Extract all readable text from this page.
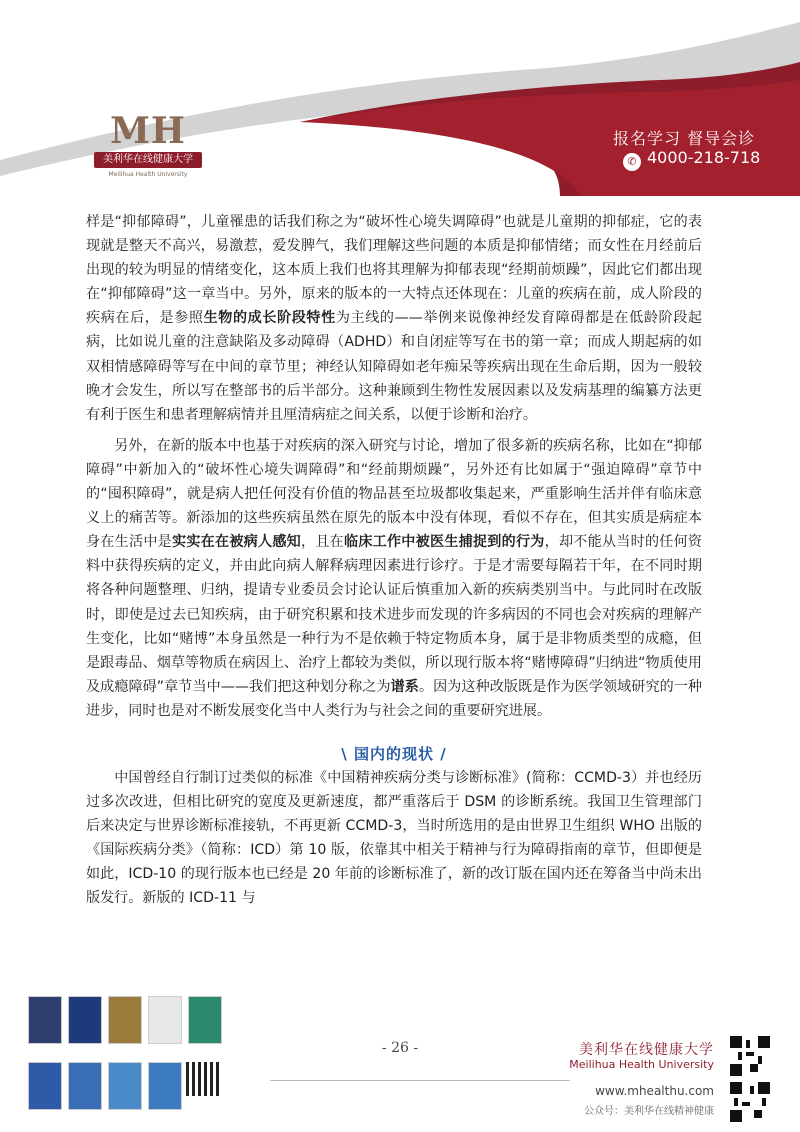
MH
美利华在线健康大学
Meilihua Health University
报名学习 督导会诊
✆ 4000-218-718

样是“抑郁障碍”，儿童罹患的话我们称之为“破坏性心境失调障碍”也就是儿童期的抑郁症，它的表现就是整天不高兴，易激惹，爱发脾气，我们理解这些问题的本质是抑郁情绪；而女性在月经前后出现的较为明显的情绪变化，这本质上我们也将其理解为抑郁表现“经期前烦躁”，因此它们都出现在“抑郁障碍”这一章当中。另外，原来的版本的一大特点还体现在：儿童的疾病在前，成人阶段的疾病在后，是参照生物的成长阶段特性为主线的——举例来说像神经发育障碍都是在低龄阶段起病，比如说儿童的注意缺陷及多动障碍（ADHD）和自闭症等写在书的第一章；而成人期起病的如双相情感障碍等写在中间的章节里；神经认知障碍如老年痴呆等疾病出现在生命后期，因为一般较晚才会发生，所以写在整部书的后半部分。这种兼顾到生物性发展因素以及发病基理的编纂方法更有利于医生和患者理解病情并且厘清病症之间关系，以便于诊断和治疗。

另外，在新的版本中也基于对疾病的深入研究与讨论，增加了很多新的疾病名称，比如在“抑郁障碍”中新加入的“破坏性心境失调障碍”和“经前期烦躁”，另外还有比如属于“强迫障碍”章节中的“囤积障碍”，就是病人把任何没有价值的物品甚至垃圾都收集起来，严重影响生活并伴有临床意义上的痛苦等。新添加的这些疾病虽然在原先的版本中没有体现，看似不存在，但其实质是病症本身在生活中是实实在在被病人感知，且在临床工作中被医生捕捉到的行为，却不能从当时的任何资料中获得疾病的定义，并由此向病人解释病理因素进行诊疗。于是才需要每隔若干年，在不同时期将各种问题整理、归纳，提请专业委员会讨论认证后慎重加入新的疾病类别当中。与此同时在改版时，即使是过去已知疾病，由于研究积累和技术进步而发现的许多病因的不同也会对疾病的理解产生变化，比如“赌博”本身虽然是一种行为不是依赖于特定物质本身，属于是非物质类型的成瘾，但是跟毒品、烟草等物质在病因上、治疗上都较为类似，所以现行版本将“赌博障碍”归纳进“物质使用及成瘾障碍”章节当中——我们把这种划分称之为谱系。因为这种改版既是作为医学领域研究的一种进步，同时也是对不断发展变化当中人类行为与社会之间的重要研究进展。

\ 国内的现状 /

中国曾经自行制订过类似的标准《中国精神疾病分类与诊断标准》(简称：CCMD-3）并也经历过多次改进，但相比研究的宽度及更新速度，都严重落后于 DSM 的诊断系统。我国卫生管理部门后来决定与世界诊断标准接轨，不再更新 CCMD-3，当时所选用的是由世界卫生组织 WHO 出版的《国际疾病分类》（简称：ICD）第 10 版，依靠其中相关于精神与行为障碍指南的章节，但即便是如此，ICD-10 的现行版本也已经是 20 年前的诊断标准了，新的改订版在国内还在筹备当中尚未出版发行。新版的 ICD-11 与

- 26 -	美利华在线健康大学
Meilihua Health University
www.mhealthu.com
公众号：美利华在线精神健康
